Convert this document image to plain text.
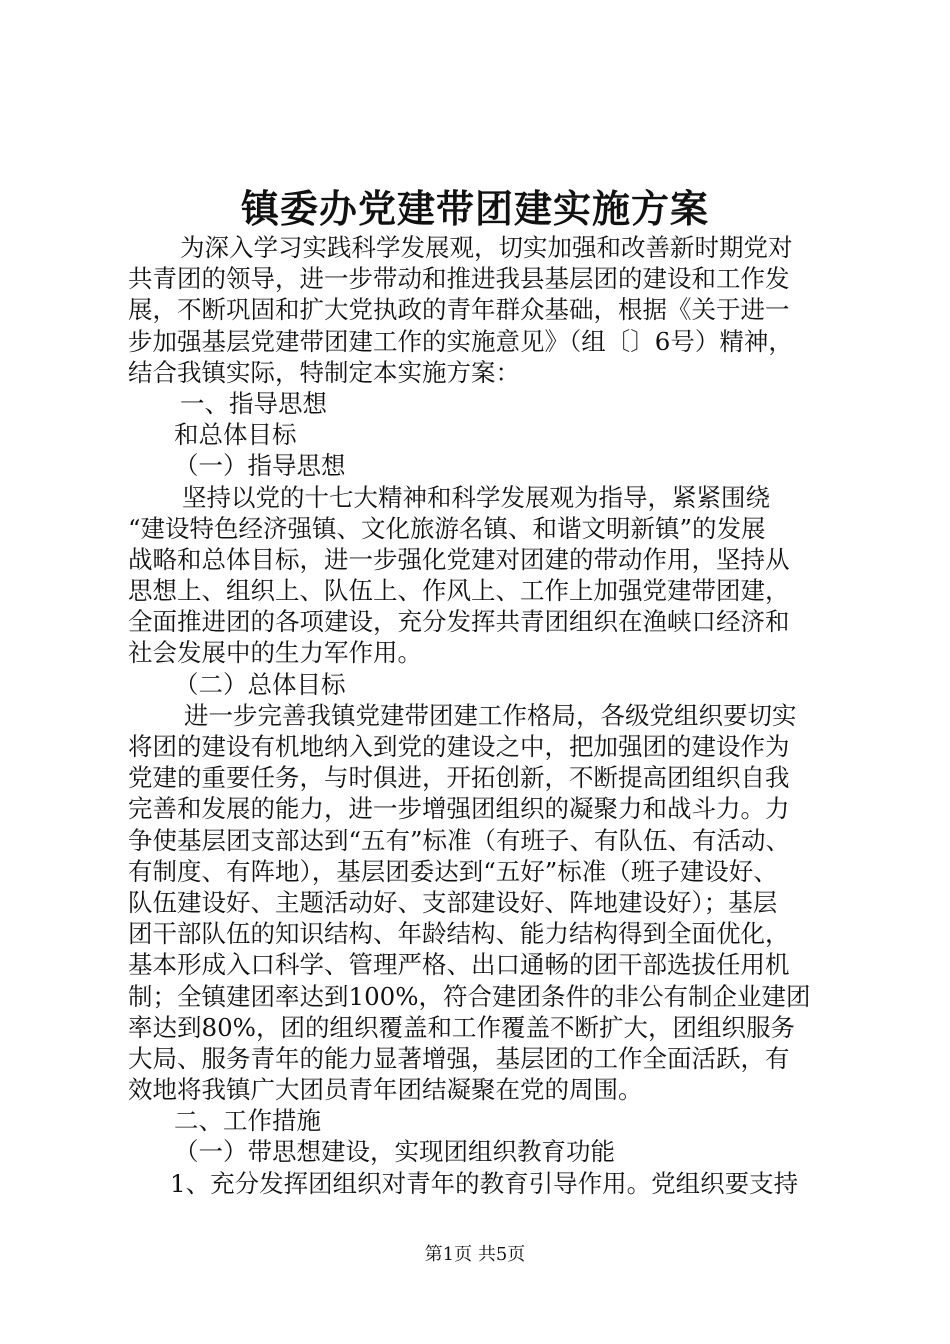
镇委办党建带团建实施方案
为深入学习实践科学发展观，切实加强和改善新时期党对
共青团的领导，进一步带动和推进我县基层团的建设和工作发
展，不断巩固和扩大党执政的青年群众基础，根据《关于进一
步加强基层党建带团建工作的实施意见》（组〔〕6号）精神，
结合我镇实际，特制定本实施方案：
一、指导思想
和总体目标
（一）指导思想
坚持以党的十七大精神和科学发展观为指导，紧紧围绕
“建设特色经济强镇、文化旅游名镇、和谐文明新镇”的发展
战略和总体目标，进一步强化党建对团建的带动作用，坚持从
思想上、组织上、队伍上、作风上、工作上加强党建带团建，
全面推进团的各项建设，充分发挥共青团组织在渔峡口经济和
社会发展中的生力军作用。
（二）总体目标
进一步完善我镇党建带团建工作格局，各级党组织要切实
将团的建设有机地纳入到党的建设之中，把加强团的建设作为
党建的重要任务，与时俱进，开拓创新，不断提高团组织自我
完善和发展的能力，进一步增强团组织的凝聚力和战斗力。力
争使基层团支部达到“五有”标准（有班子、有队伍、有活动、
有制度、有阵地），基层团委达到“五好”标准（班子建设好、
队伍建设好、主题活动好、支部建设好、阵地建设好）；基层
团干部队伍的知识结构、年龄结构、能力结构得到全面优化，
基本形成入口科学、管理严格、出口通畅的团干部选拔任用机
制；全镇建团率达到100%，符合建团条件的非公有制企业建团
率达到80%，团的组织覆盖和工作覆盖不断扩大，团组织服务
大局、服务青年的能力显著增强，基层团的工作全面活跃，有
效地将我镇广大团员青年团结凝聚在党的周围。
二、工作措施
（一）带思想建设，实现团组织教育功能
1、充分发挥团组织对青年的教育引导作用。党组织要支持
第1页 共5页
